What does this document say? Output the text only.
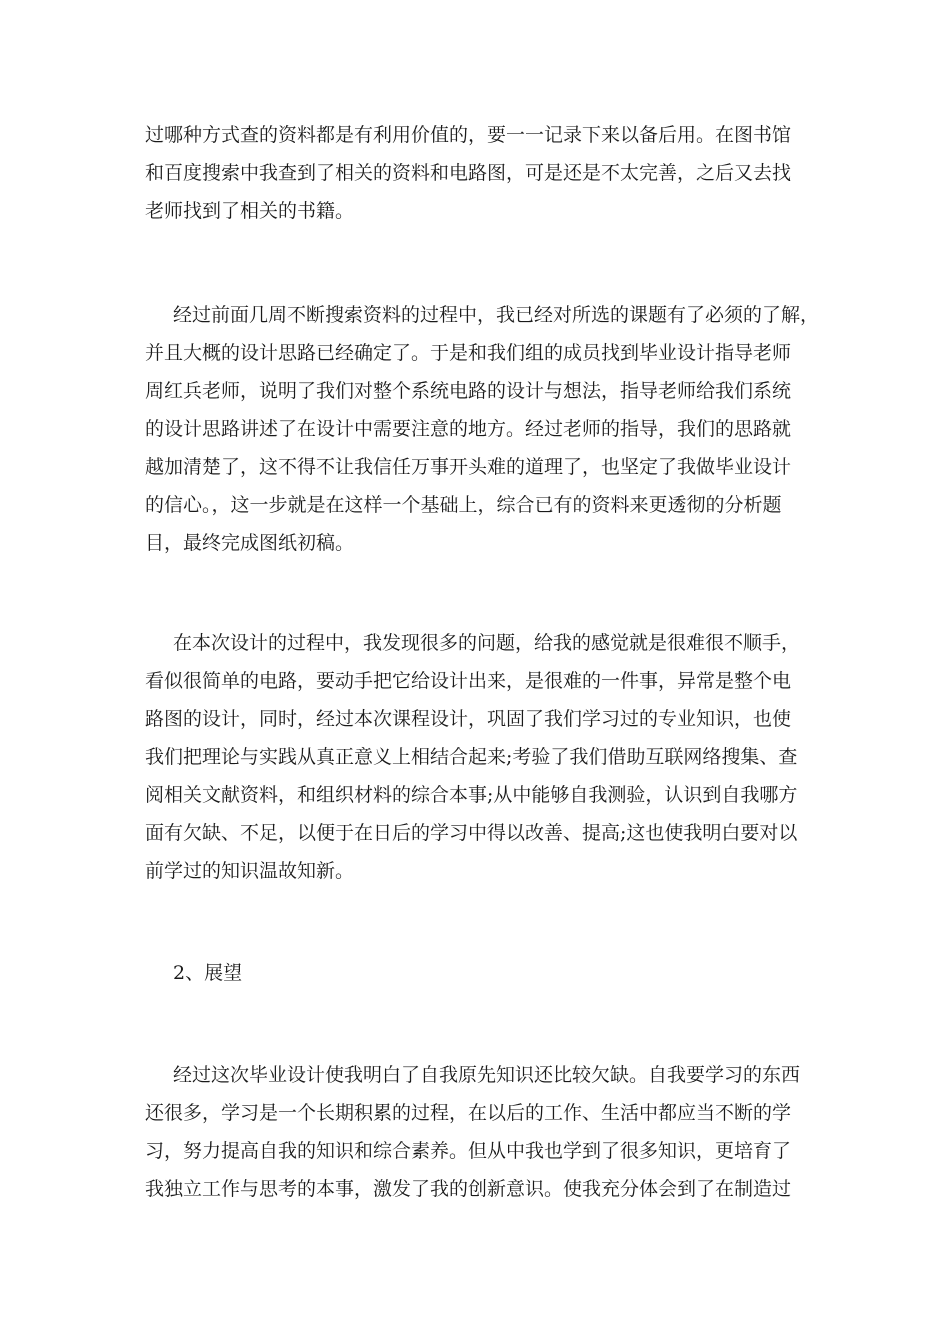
过哪种方式查的资料都是有利用价值的，要一一记录下来以备后用。在图书馆

和百度搜索中我查到了相关的资料和电路图，可是还是不太完善，之后又去找

老师找到了相关的书籍。

经过前面几周不断搜索资料的过程中，我已经对所选的课题有了必须的了解，

并且大概的设计思路已经确定了。于是和我们组的成员找到毕业设计指导老师

周红兵老师，说明了我们对整个系统电路的设计与想法，指导老师给我们系统

的设计思路讲述了在设计中需要注意的地方。经过老师的指导，我们的思路就

越加清楚了，这不得不让我信任万事开头难的道理了，也坚定了我做毕业设计

的信心。，这一步就是在这样一个基础上，综合已有的资料来更透彻的分析题

目，最终完成图纸初稿。

在本次设计的过程中，我发现很多的问题，给我的感觉就是很难很不顺手，

看似很简单的电路，要动手把它给设计出来，是很难的一件事，异常是整个电

路图的设计，同时，经过本次课程设计，巩固了我们学习过的专业知识，也使

我们把理论与实践从真正意义上相结合起来;考验了我们借助互联网络搜集、查

阅相关文献资料，和组织材料的综合本事;从中能够自我测验，认识到自我哪方

面有欠缺、不足，以便于在日后的学习中得以改善、提高;这也使我明白要对以

前学过的知识温故知新。

2、展望

经过这次毕业设计使我明白了自我原先知识还比较欠缺。自我要学习的东西

还很多，学习是一个长期积累的过程，在以后的工作、生活中都应当不断的学

习，努力提高自我的知识和综合素养。但从中我也学到了很多知识，更培育了

我独立工作与思考的本事，激发了我的创新意识。使我充分体会到了在制造过
